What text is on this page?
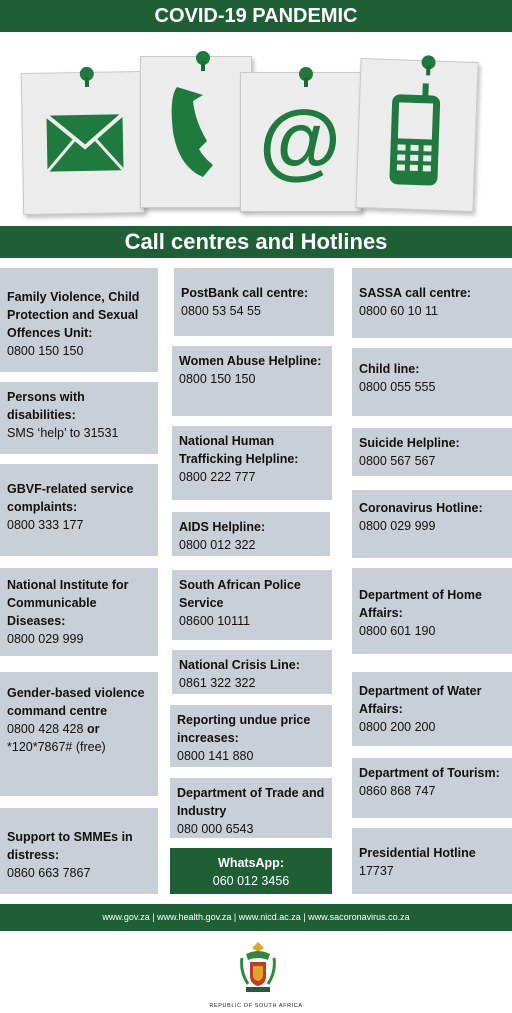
COVID-19 PANDEMIC
@
Call centres and Hotlines
Family Violence, Child Protection and Sexual Offences Unit:
0800 150 150
Persons with disabilities:
SMS ‘help’ to 31531
GBVF-related service complaints:
0800 333 177
National Institute for Communicable Diseases:
0800 029 999
Gender-based violence command centre
0800 428 428 or
*120*7867# (free)
Support to SMMEs in distress:
0860 663 7867
PostBank call centre:
0800 53 54 55
Women Abuse Helpline:
0800 150 150
National Human Trafficking Helpline:
0800 222 777
AIDS Helpline:
0800 012 322
South African Police Service
08600 10111
National Crisis Line:
0861 322 322
Reporting undue price increases:
0800 141 880
Department of Trade and Industry
080 000 6543
WhatsApp:
060 012 3456
SASSA call centre:
0800 60 10 11
Child line:
0800 055 555
Suicide Helpline:
0800 567 567
Coronavirus Hotline:
0800 029 999
Department of Home Affairs:
0800 601 190
Department of Water Affairs:
0800 200 200
Department of Tourism:
0860 868 747
Presidential Hotline
17737
www.gov.za | www.health.gov.za | www.nicd.ac.za | www.sacoronavirus.co.za
REPUBLIC OF SOUTH AFRICA
